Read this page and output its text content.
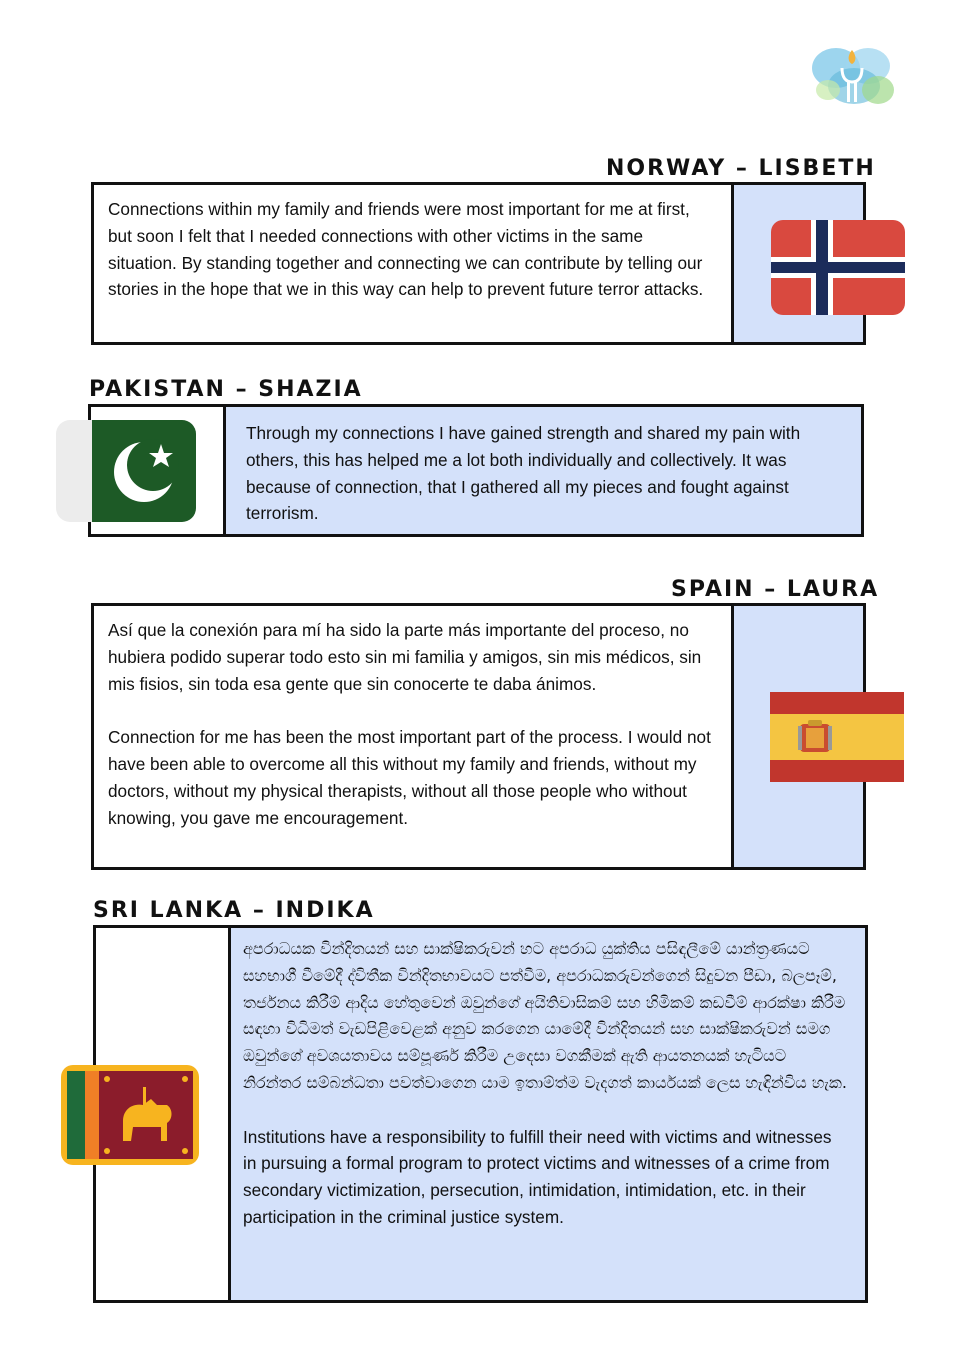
NORWAY – LISBETH

Connections within my family and friends were most important for me at first, but soon I felt that I needed connections with other victims in the same situation. By standing together and connecting we can contribute by telling our stories in the hope that we in this way can help to prevent future terror attacks.

PAKISTAN – SHAZIA

Through my connections I have gained strength and shared my pain with others, this has helped me a lot both individually and collectively. It was because of connection, that I gathered all my pieces and fought against terrorism.

SPAIN – LAURA

Así que la conexión para mí ha sido la parte más importante del proceso, no hubiera podido superar todo esto sin mi familia y amigos, sin mis médicos, sin mis fisios, sin toda esa gente que sin conocerte te daba ánimos.

Connection for me has been the most important part of the process. I would not have been able to overcome all this without my family and friends, without my doctors, without my physical therapists, without all those people who without knowing, you gave me encouragement.

SRI LANKA – INDIKA

අපරාධයක වින්දිතයන් සහ සාක්ෂිකරුවන් හට අපරාධ යුක්තිය පසිඳලීමේ යාන්ත්‍රණයට සහභාගී වීමේදී ද්විතීක වින්දිතභාවයට පත්වීම, අපරාධකරුවන්ගෙන් සිදුවන පීඩා, බලපෑම්, තර්ජනය කිරීම් ආදිය හේතුවෙන් ඔවුන්ගේ අයිතිවාසිකම් සහ හිමිකම් කඩවීම් ආරක්ෂා කිරීම සඳහා විධිමත් වැඩපිළිවෙළක් අනුව කරගෙන යාමේදී වින්දිතයන් සහ සාක්ෂිකරුවන් සමග ඔවුන්ගේ අවශයතාවය සම්පූර්ණ කිරීම උදෙසා වගකීමක් ඇති ආයතනයක් හැටියට නිරන්තර සම්බන්ධතා පවත්වාගෙන යාම ඉතාම්ත්ම වැදගත් කාර්යයක් ලෙස හැඳින්විය හැක.

Institutions have a responsibility to fulfill their need with victims and witnesses in pursuing a formal program to protect victims and witnesses of a crime from secondary victimization, persecution, intimidation, intimidation, etc. in their participation in the criminal justice system.
